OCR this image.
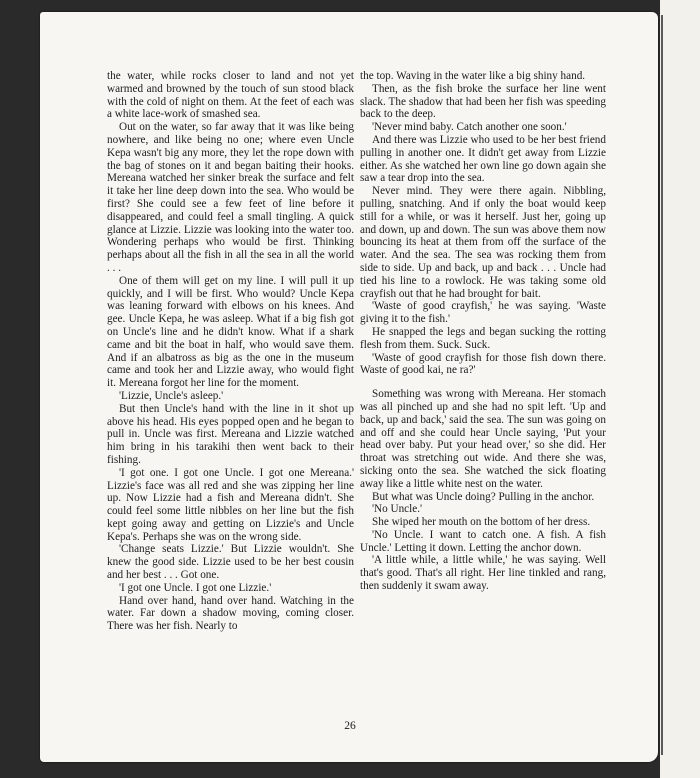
the water, while rocks closer to land and not yet warmed and browned by the touch of sun stood black with the cold of night on them. At the feet of each was a white lace-work of smashed sea.

Out on the water, so far away that it was like being nowhere, and like being no one; where even Uncle Kepa wasn't big any more, they let the rope down with the bag of stones on it and began baiting their hooks. Mereana watched her sinker break the surface and felt it take her line deep down into the sea. Who would be first? She could see a few feet of line before it disappeared, and could feel a small tingling. A quick glance at Lizzie. Lizzie was looking into the water too. Wondering perhaps who would be first. Thinking perhaps about all the fish in all the sea in all the world . . .

One of them will get on my line. I will pull it up quickly, and I will be first. Who would? Uncle Kepa was leaning forward with elbows on his knees. And gee. Uncle Kepa, he was asleep. What if a big fish got on Uncle's line and he didn't know. What if a shark came and bit the boat in half, who would save them. And if an albatross as big as the one in the museum came and took her and Lizzie away, who would fight it. Mereana forgot her line for the moment.

'Lizzie, Uncle's asleep.'

But then Uncle's hand with the line in it shot up above his head. His eyes popped open and he began to pull in. Uncle was first. Mereana and Lizzie watched him bring in his tarakihi then went back to their fishing.

'I got one. I got one Uncle. I got one Mereana.' Lizzie's face was all red and she was zipping her line up. Now Lizzie had a fish and Mereana didn't. She could feel some little nibbles on her line but the fish kept going away and getting on Lizzie's and Uncle Kepa's. Perhaps she was on the wrong side.

'Change seats Lizzie.' But Lizzie wouldn't. She knew the good side. Lizzie used to be her best cousin and her best . . . Got one.

'I got one Uncle. I got one Lizzie.'

Hand over hand, hand over hand. Watching in the water. Far down a shadow moving, coming closer. There was her fish. Nearly to

the top. Waving in the water like a big shiny hand.

Then, as the fish broke the surface her line went slack. The shadow that had been her fish was speeding back to the deep.

'Never mind baby. Catch another one soon.'

And there was Lizzie who used to be her best friend pulling in another one. It didn't get away from Lizzie either. As she watched her own line go down again she saw a tear drop into the sea.

Never mind. They were there again. Nibbling, pulling, snatching. And if only the boat would keep still for a while, or was it herself. Just her, going up and down, up and down. The sun was above them now bouncing its heat at them from off the surface of the water. And the sea. The sea was rocking them from side to side. Up and back, up and back . . . Uncle had tied his line to a rowlock. He was taking some old crayfish out that he had brought for bait.

'Waste of good crayfish,' he was saying. 'Waste giving it to the fish.'

He snapped the legs and began sucking the rotting flesh from them. Suck. Suck.

'Waste of good crayfish for those fish down there. Waste of good kai, ne ra?'

Something was wrong with Mereana. Her stomach was all pinched up and she had no spit left. 'Up and back, up and back,' said the sea. The sun was going on and off and she could hear Uncle saying, 'Put your head over baby. Put your head over,' so she did. Her throat was stretching out wide. And there she was, sicking onto the sea. She watched the sick floating away like a little white nest on the water.

But what was Uncle doing? Pulling in the anchor.

'No Uncle.'

She wiped her mouth on the bottom of her dress.

'No Uncle. I want to catch one. A fish. A fish Uncle.' Letting it down. Letting the anchor down.

'A little while, a little while,' he was saying. Well that's good. That's all right. Her line tinkled and rang, then suddenly it swam away.

26
